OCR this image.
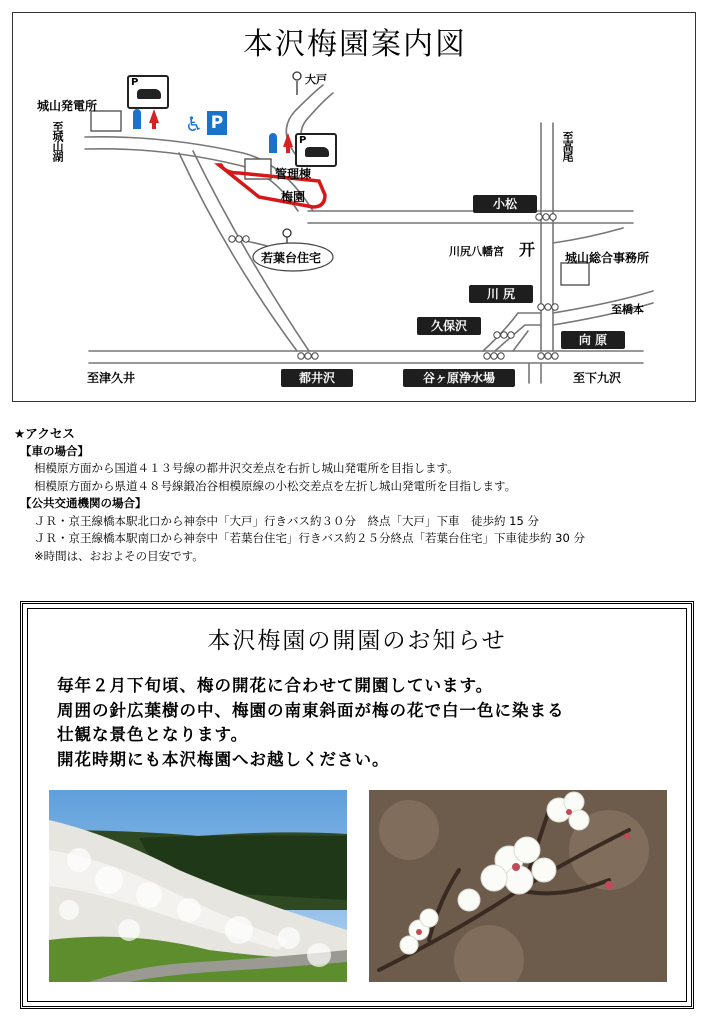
本沢梅園案内図
P
P
♿ P
城山発電所
至城山湖
大戸
管理棟
梅園	小松
至高尾
川尻八幡宮 开 城山総合事務所
川 尻
至橋本
久保沢
向 原
若葉台住宅
至津久井	都井沢	谷ヶ原浄水場	至下九沢
★アクセス
【車の場合】
相模原方面から国道４１３号線の都井沢交差点を右折し城山発電所を目指します。
相模原方面から県道４８号線鍛冶谷相模原線の小松交差点を左折し城山発電所を目指します。
【公共交通機関の場合】
ＪＲ・京王線橋本駅北口から神奈中「大戸」行きバス約３０分　終点「大戸」下車　徒歩約 15 分
ＪＲ・京王線橋本駅南口から神奈中「若葉台住宅」行きバス約２５分終点「若葉台住宅」下車徒歩約 30 分
※時間は、おおよその目安です。
本沢梅園の開園のお知らせ
毎年２月下旬頃、梅の開花に合わせて開園しています。
周囲の針広葉樹の中、梅園の南東斜面が梅の花で白一色に染まる
壮観な景色となります。
開花時期にも本沢梅園へお越しください。
